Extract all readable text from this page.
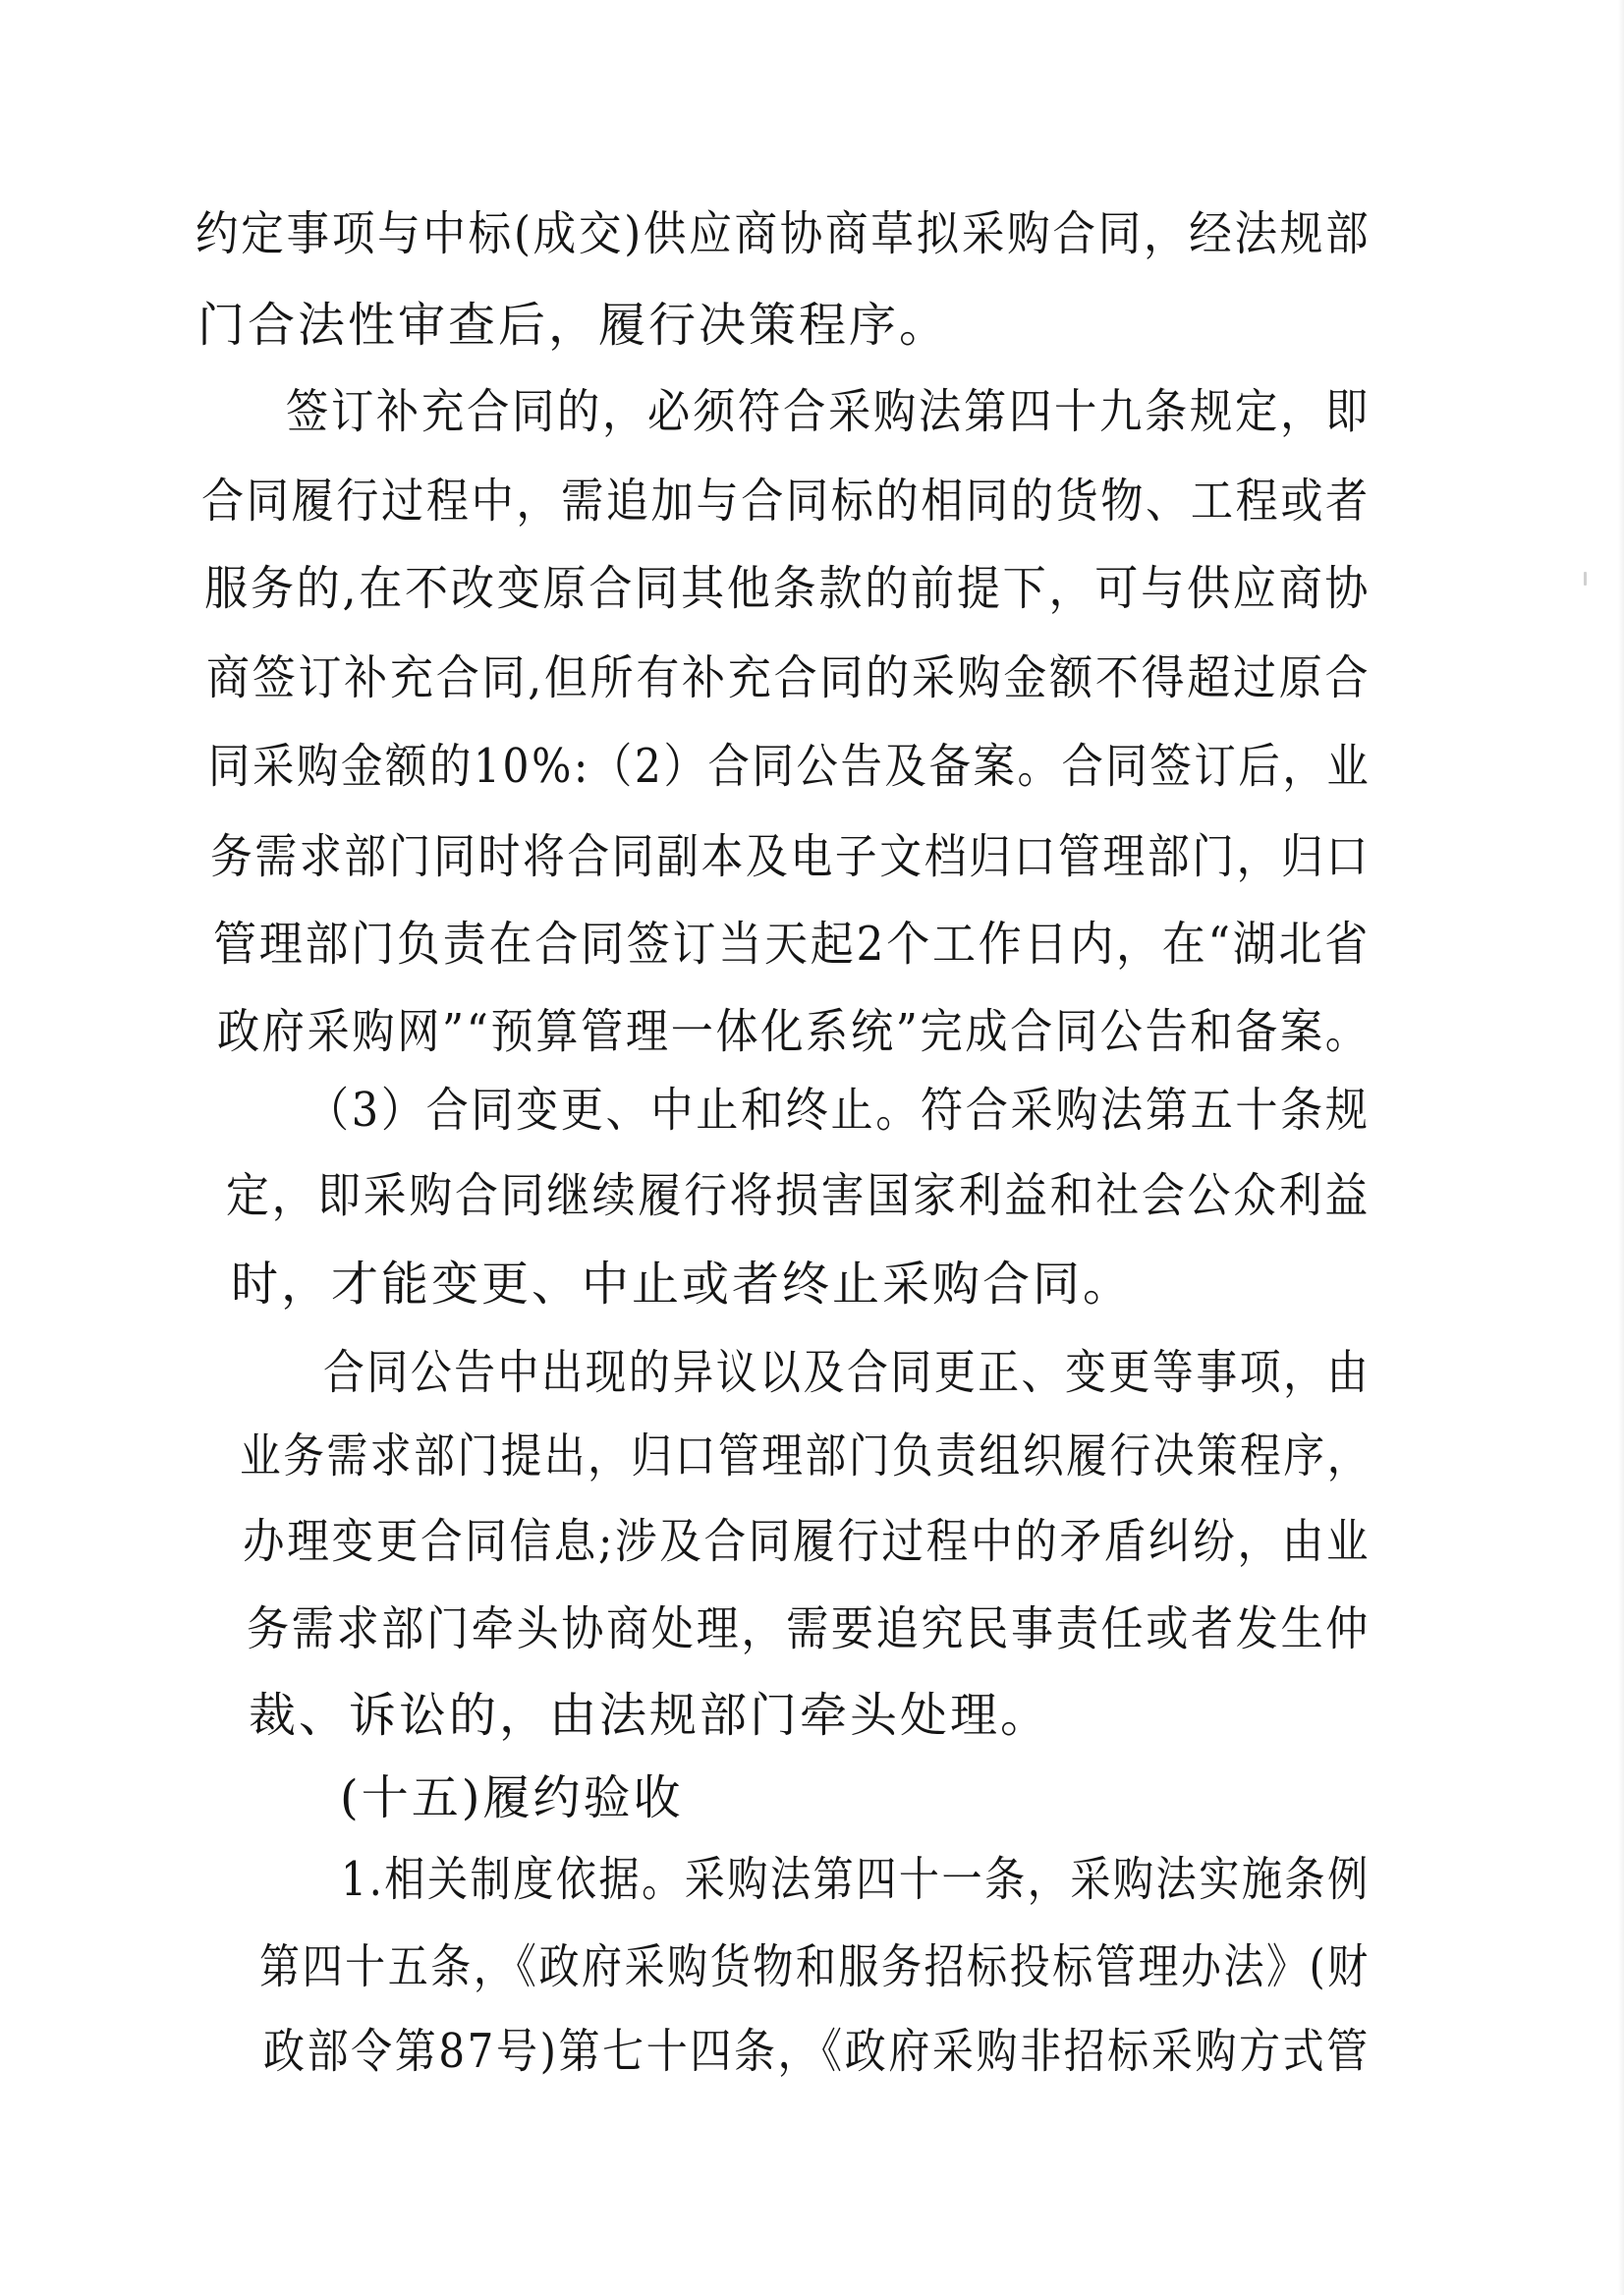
约定事项与中标(成交)供应商协商草拟采购合同，经法规部
门合法性审查后，履行决策程序。
签订补充合同的，必须符合采购法第四十九条规定，即
合同履行过程中，需追加与合同标的相同的货物、工程或者
服务的,在不改变原合同其他条款的前提下，可与供应商协
商签订补充合同,但所有补充合同的采购金额不得超过原合
同采购金额的10%:（2）合同公告及备案。合同签订后，业
务需求部门同时将合同副本及电子文档归口管理部门，归口
管理部门负责在合同签订当天起2个工作日内，在“湖北省
政府采购网”“预算管理一体化系统”完成合同公告和备案。
（3）合同变更、中止和终止。符合采购法第五十条规
定，即采购合同继续履行将损害国家利益和社会公众利益
时，才能变更、中止或者终止采购合同。
合同公告中出现的异议以及合同更正、变更等事项，由
业务需求部门提出，归口管理部门负责组织履行决策程序，
办理变更合同信息;涉及合同履行过程中的矛盾纠纷，由业
务需求部门牵头协商处理，需要追究民事责任或者发生仲
裁、诉讼的，由法规部门牵头处理。
(十五)履约验收
1.相关制度依据。采购法第四十一条，采购法实施条例
第四十五条，《政府采购货物和服务招标投标管理办法》(财
政部令第87号)第七十四条，《政府采购非招标采购方式管
